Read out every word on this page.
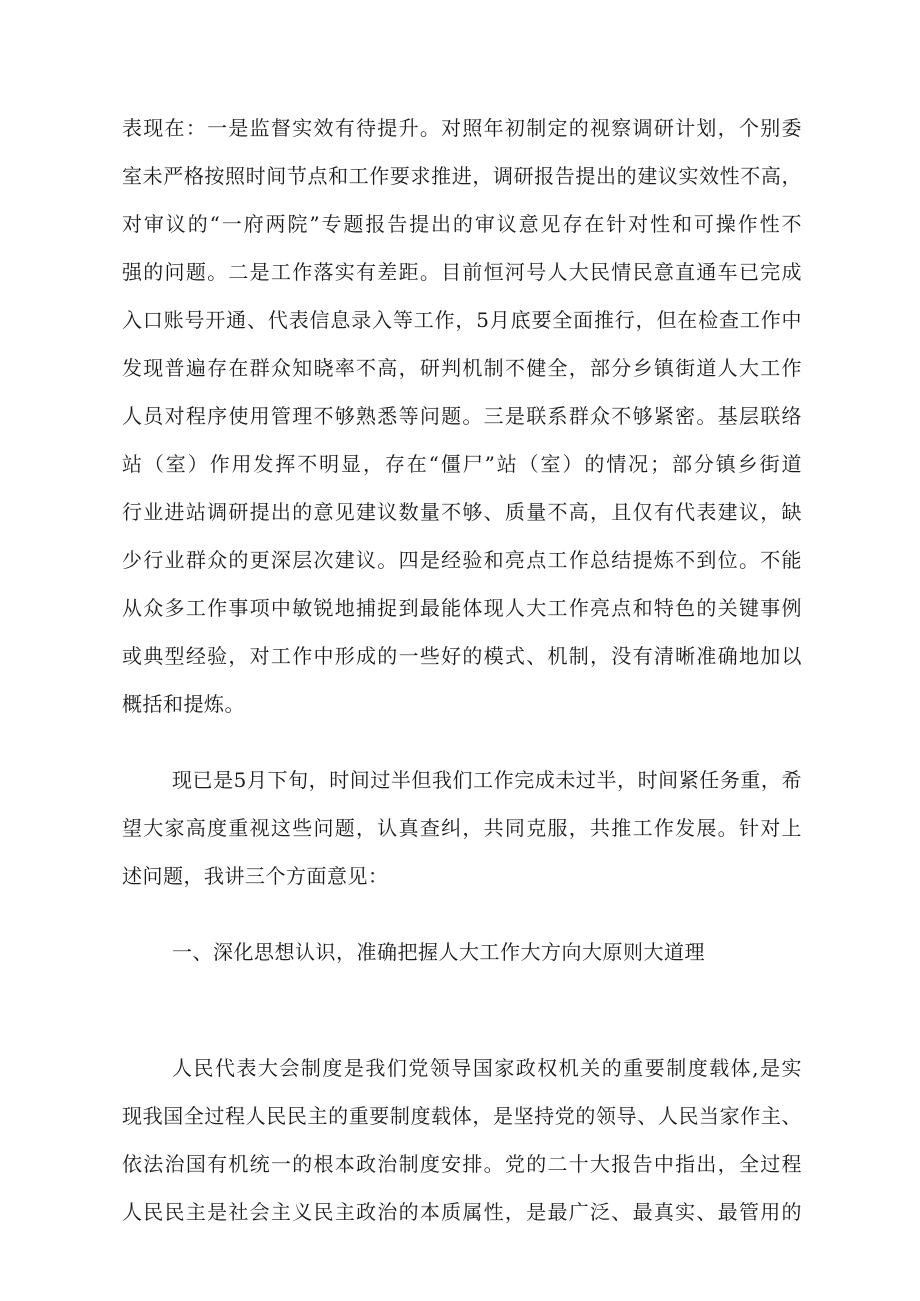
表现在：一是监督实效有待提升。对照年初制定的视察调研计划，个别委
室未严格按照时间节点和工作要求推进，调研报告提出的建议实效性不高，
对审议的“一府两院”专题报告提出的审议意见存在针对性和可操作性不
强的问题。二是工作落实有差距。目前恒河号人大民情民意直通车已完成
入口账号开通、代表信息录入等工作，5月底要全面推行，但在检查工作中
发现普遍存在群众知晓率不高，研判机制不健全，部分乡镇街道人大工作
人员对程序使用管理不够熟悉等问题。三是联系群众不够紧密。基层联络
站（室）作用发挥不明显，存在“僵尸”站（室）的情况；部分镇乡街道
行业进站调研提出的意见建议数量不够、质量不高，且仅有代表建议，缺
少行业群众的更深层次建议。四是经验和亮点工作总结提炼不到位。不能
从众多工作事项中敏锐地捕捉到最能体现人大工作亮点和特色的关键事例
或典型经验，对工作中形成的一些好的模式、机制，没有清晰准确地加以
概括和提炼。
现已是5月下旬，时间过半但我们工作完成未过半，时间紧任务重，希
望大家高度重视这些问题，认真查纠，共同克服，共推工作发展。针对上
述问题，我讲三个方面意见：
一、深化思想认识，准确把握人大工作大方向大原则大道理
人民代表大会制度是我们党领导国家政权机关的重要制度载体,是实
现我国全过程人民民主的重要制度载体，是坚持党的领导、人民当家作主、
依法治国有机统一的根本政治制度安排。党的二十大报告中指出，全过程
人民民主是社会主义民主政治的本质属性，是最广泛、最真实、最管用的
